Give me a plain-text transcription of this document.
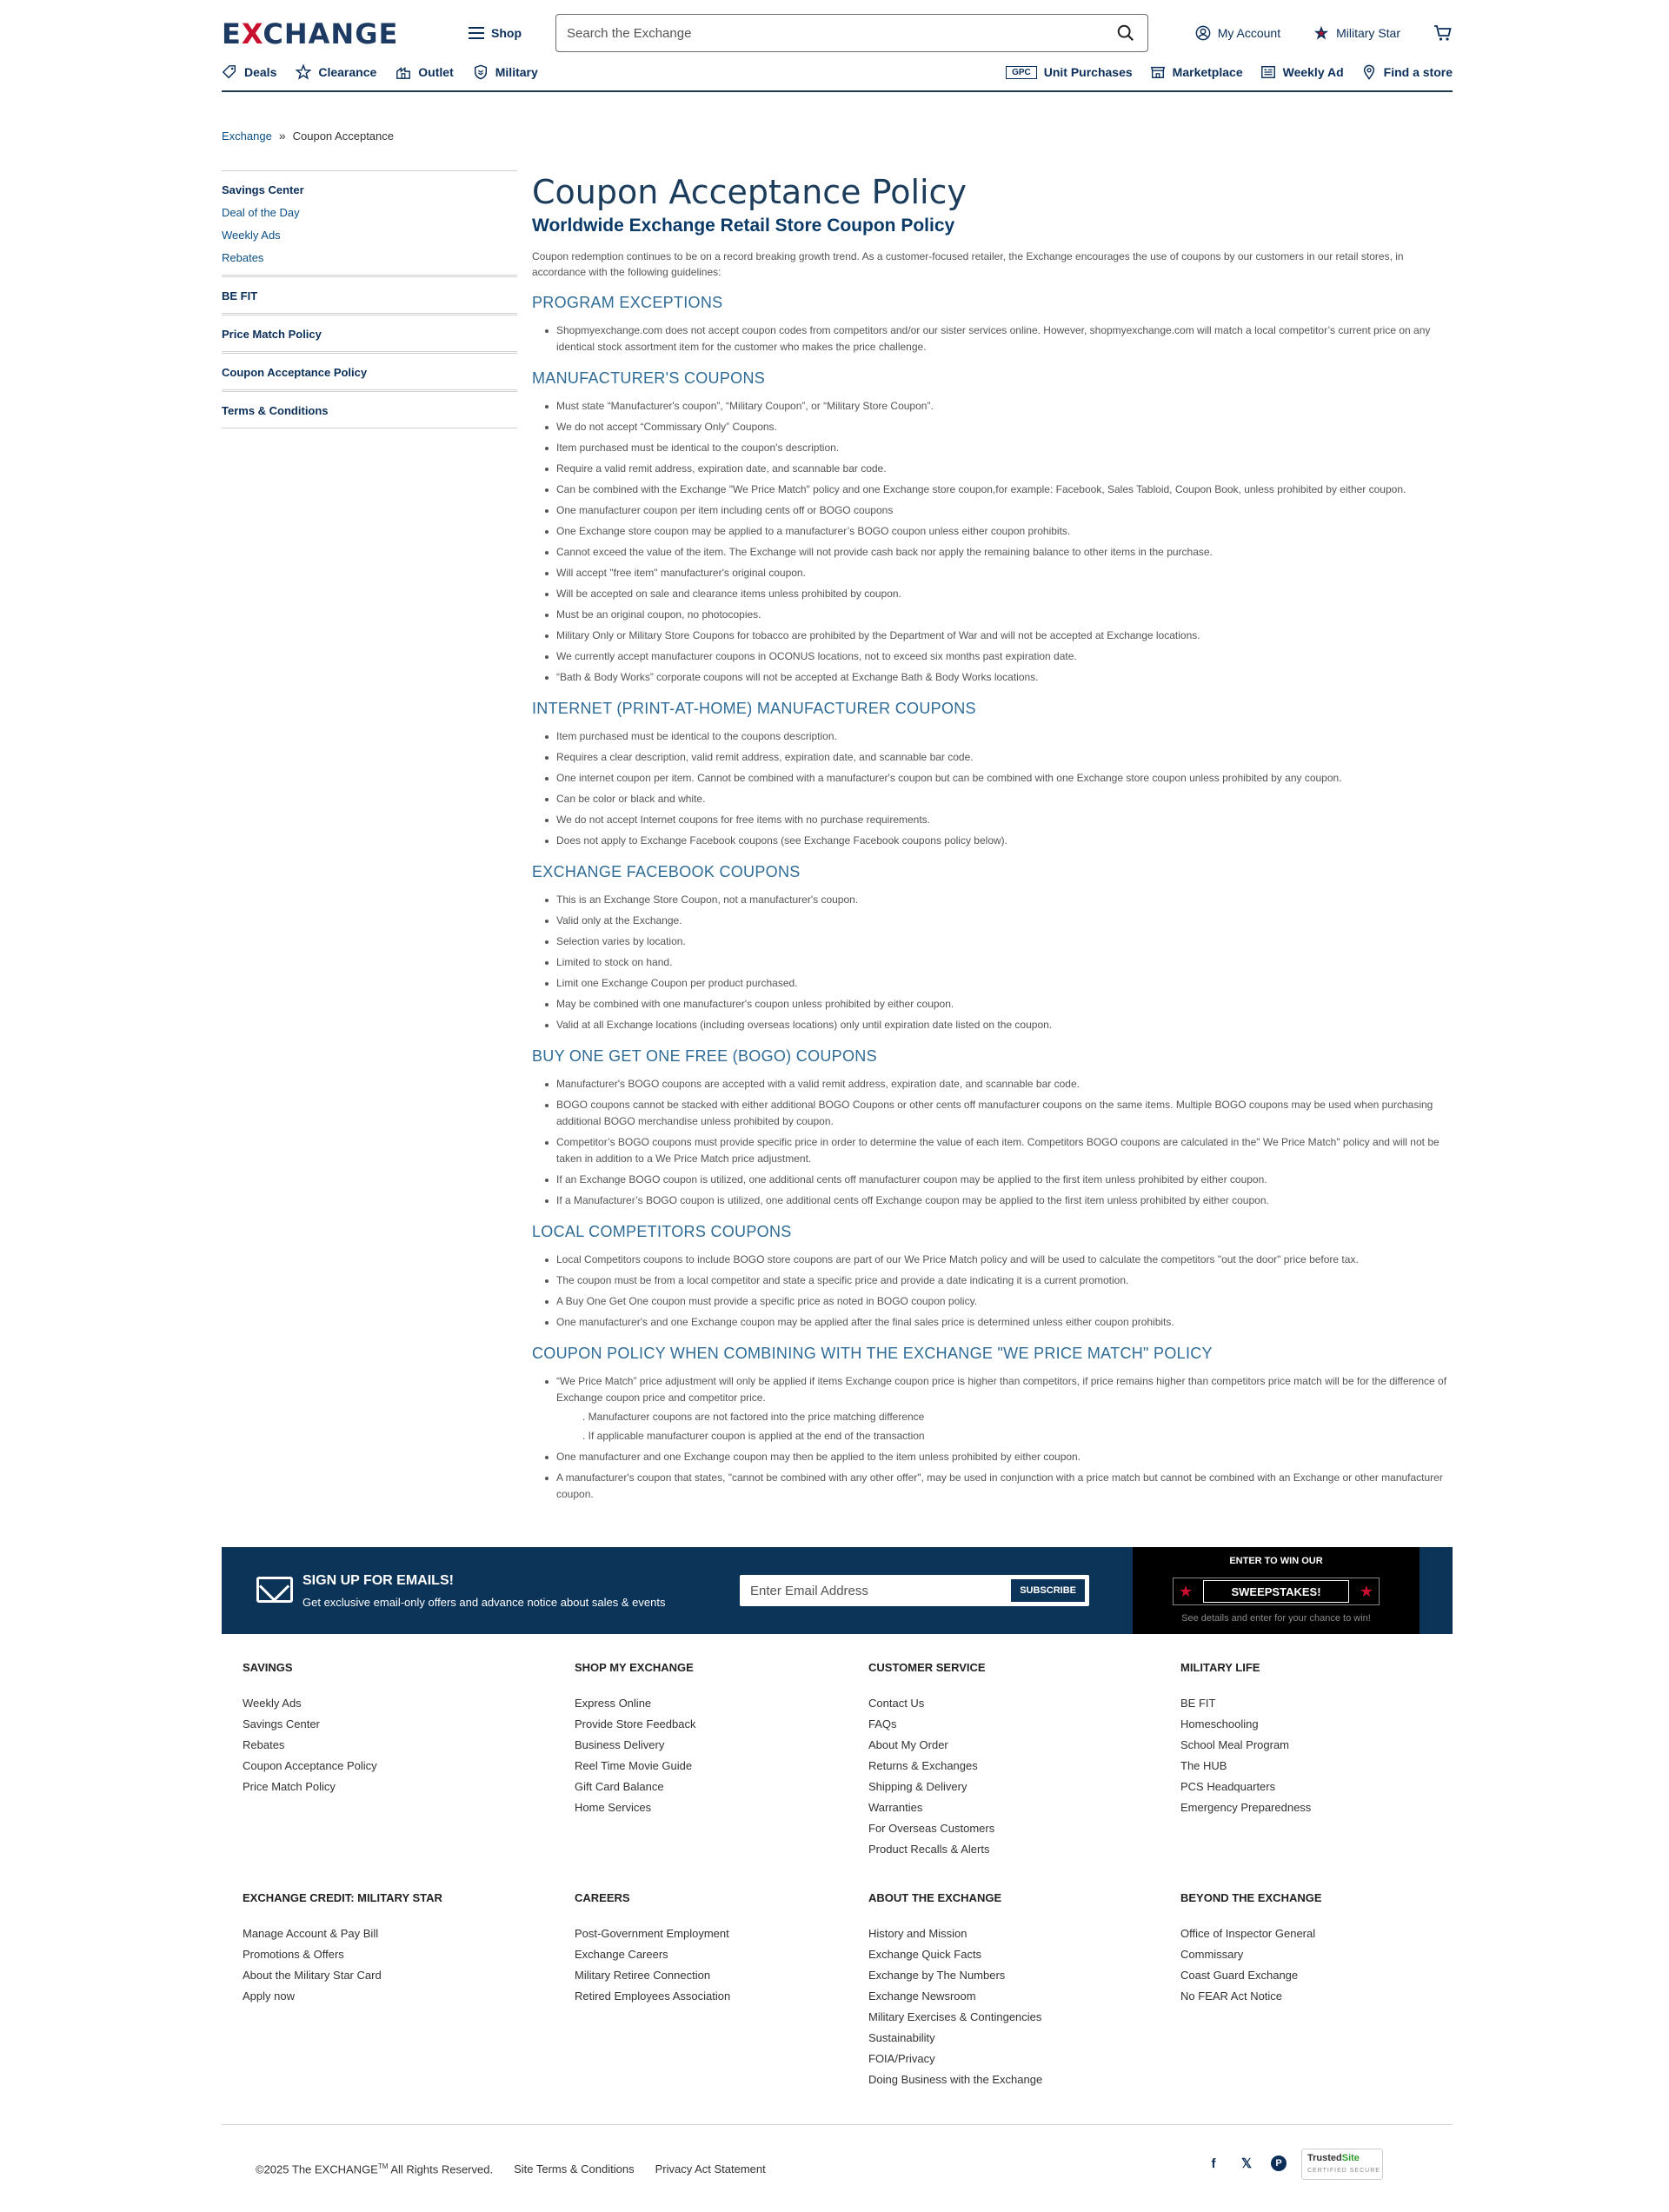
EXCHANGE	Shop
Search the Exchange	My Account	Military Star
Deals	Clearance	Outlet	Military	GPC	Unit Purchases	Marketplace	Weekly Ad	Find a store
Exchange » Coupon Acceptance
Savings Center
Deal of the Day
Weekly Ads
Rebates
BE FIT
Price Match Policy
Coupon Acceptance Policy
Terms & Conditions
Coupon Acceptance Policy
Worldwide Exchange Retail Store Coupon Policy

Coupon redemption continues to be on a record breaking growth trend. As a customer-focused retailer, the Exchange encourages the use of coupons by our customers in our retail stores, in accordance with the following guidelines:

PROGRAM EXCEPTIONS
Shopmyexchange.com does not accept coupon codes from competitors and/or our sister services online. However, shopmyexchange.com will match a local competitor’s current price on any identical stock assortment item for the customer who makes the price challenge.
MANUFACTURER'S COUPONS
Must state “Manufacturer's coupon”, “Military Coupon”, or “Military Store Coupon”.
We do not accept “Commissary Only” Coupons.
Item purchased must be identical to the coupon's description.
Require a valid remit address, expiration date, and scannable bar code.
Can be combined with the Exchange "We Price Match" policy and one Exchange store coupon,for example: Facebook, Sales Tabloid, Coupon Book, unless prohibited by either coupon.
One manufacturer coupon per item including cents off or BOGO coupons
One Exchange store coupon may be applied to a manufacturer’s BOGO coupon unless either coupon prohibits.
Cannot exceed the value of the item. The Exchange will not provide cash back nor apply the remaining balance to other items in the purchase.
Will accept "free item" manufacturer's original coupon.
Will be accepted on sale and clearance items unless prohibited by coupon.
Must be an original coupon, no photocopies.
Military Only or Military Store Coupons for tobacco are prohibited by the Department of War and will not be accepted at Exchange locations.
We currently accept manufacturer coupons in OCONUS locations, not to exceed six months past expiration date.
“Bath & Body Works” corporate coupons will not be accepted at Exchange Bath & Body Works locations.
INTERNET (PRINT-AT-HOME) MANUFACTURER COUPONS
Item purchased must be identical to the coupons description.
Requires a clear description, valid remit address, expiration date, and scannable bar code.
One internet coupon per item. Cannot be combined with a manufacturer's coupon but can be combined with one Exchange store coupon unless prohibited by any coupon.
Can be color or black and white.
We do not accept Internet coupons for free items with no purchase requirements.
Does not apply to Exchange Facebook coupons (see Exchange Facebook coupons policy below).
EXCHANGE FACEBOOK COUPONS
This is an Exchange Store Coupon, not a manufacturer's coupon.
Valid only at the Exchange.
Selection varies by location.
Limited to stock on hand.
Limit one Exchange Coupon per product purchased.
May be combined with one manufacturer's coupon unless prohibited by either coupon.
Valid at all Exchange locations (including overseas locations) only until expiration date listed on the coupon.
BUY ONE GET ONE FREE (BOGO) COUPONS
Manufacturer's BOGO coupons are accepted with a valid remit address, expiration date, and scannable bar code.
BOGO coupons cannot be stacked with either additional BOGO Coupons or other cents off manufacturer coupons on the same items. Multiple BOGO coupons may be used when purchasing additional BOGO merchandise unless prohibited by coupon.
Competitor’s BOGO coupons must provide specific price in order to determine the value of each item. Competitors BOGO coupons are calculated in the" We Price Match" policy and will not be taken in addition to a We Price Match price adjustment.
If an Exchange BOGO coupon is utilized, one additional cents off manufacturer coupon may be applied to the first item unless prohibited by either coupon.
If a Manufacturer’s BOGO coupon is utilized, one additional cents off Exchange coupon may be applied to the first item unless prohibited by either coupon.
LOCAL COMPETITORS COUPONS
Local Competitors coupons to include BOGO store coupons are part of our We Price Match policy and will be used to calculate the competitors "out the door" price before tax.
The coupon must be from a local competitor and state a specific price and provide a date indicating it is a current promotion.
A Buy One Get One coupon must provide a specific price as noted in BOGO coupon policy.
One manufacturer's and one Exchange coupon may be applied after the final sales price is determined unless either coupon prohibits.
COUPON POLICY WHEN COMBINING WITH THE EXCHANGE "WE PRICE MATCH" POLICY
“We Price Match” price adjustment will only be applied if items Exchange coupon price is higher than competitors, if price remains higher than competitors price match will be for the difference of Exchange coupon price and competitor price.
. Manufacturer coupons are not factored into the price matching difference
. If applicable manufacturer coupon is applied at the end of the transaction
One manufacturer and one Exchange coupon may then be applied to the item unless prohibited by either coupon.
A manufacturer's coupon that states, "cannot be combined with any other offer", may be used in conjunction with a price match but cannot be combined with an Exchange or other manufacturer coupon.
SIGN UP FOR EMAILS!
Get exclusive email-only offers and advance notice about sales & events
Enter Email Address
SUBSCRIBE
ENTER TO WIN OUR
★	SWEEPSTAKES!	★
See details and enter for your chance to win!
SAVINGS
Weekly Ads
Savings Center
Rebates
Coupon Acceptance Policy
Price Match Policy
SHOP MY EXCHANGE
Express Online
Provide Store Feedback
Business Delivery
Reel Time Movie Guide
Gift Card Balance
Home Services
CUSTOMER SERVICE
Contact Us
FAQs
About My Order
Returns & Exchanges
Shipping & Delivery
Warranties
For Overseas Customers
Product Recalls & Alerts
MILITARY LIFE
BE FIT
Homeschooling
School Meal Program
The HUB
PCS Headquarters
Emergency Preparedness
EXCHANGE CREDIT: MILITARY STAR
Manage Account & Pay Bill
Promotions & Offers
About the Military Star Card
Apply now
CAREERS
Post-Government Employment
Exchange Careers
Military Retiree Connection
Retired Employees Association
ABOUT THE EXCHANGE
History and Mission
Exchange Quick Facts
Exchange by The Numbers
Exchange Newsroom
Military Exercises & Contingencies
Sustainability
FOIA/Privacy
Doing Business with the Exchange
BEYOND THE EXCHANGE
Office of Inspector General
Commissary
Coast Guard Exchange
No FEAR Act Notice
©2025 The EXCHANGE™ All Rights Reserved. Site Terms & Conditions Privacy Act Statement	f	𝕏	P	TrustedSite
CERTIFIED SECURE
